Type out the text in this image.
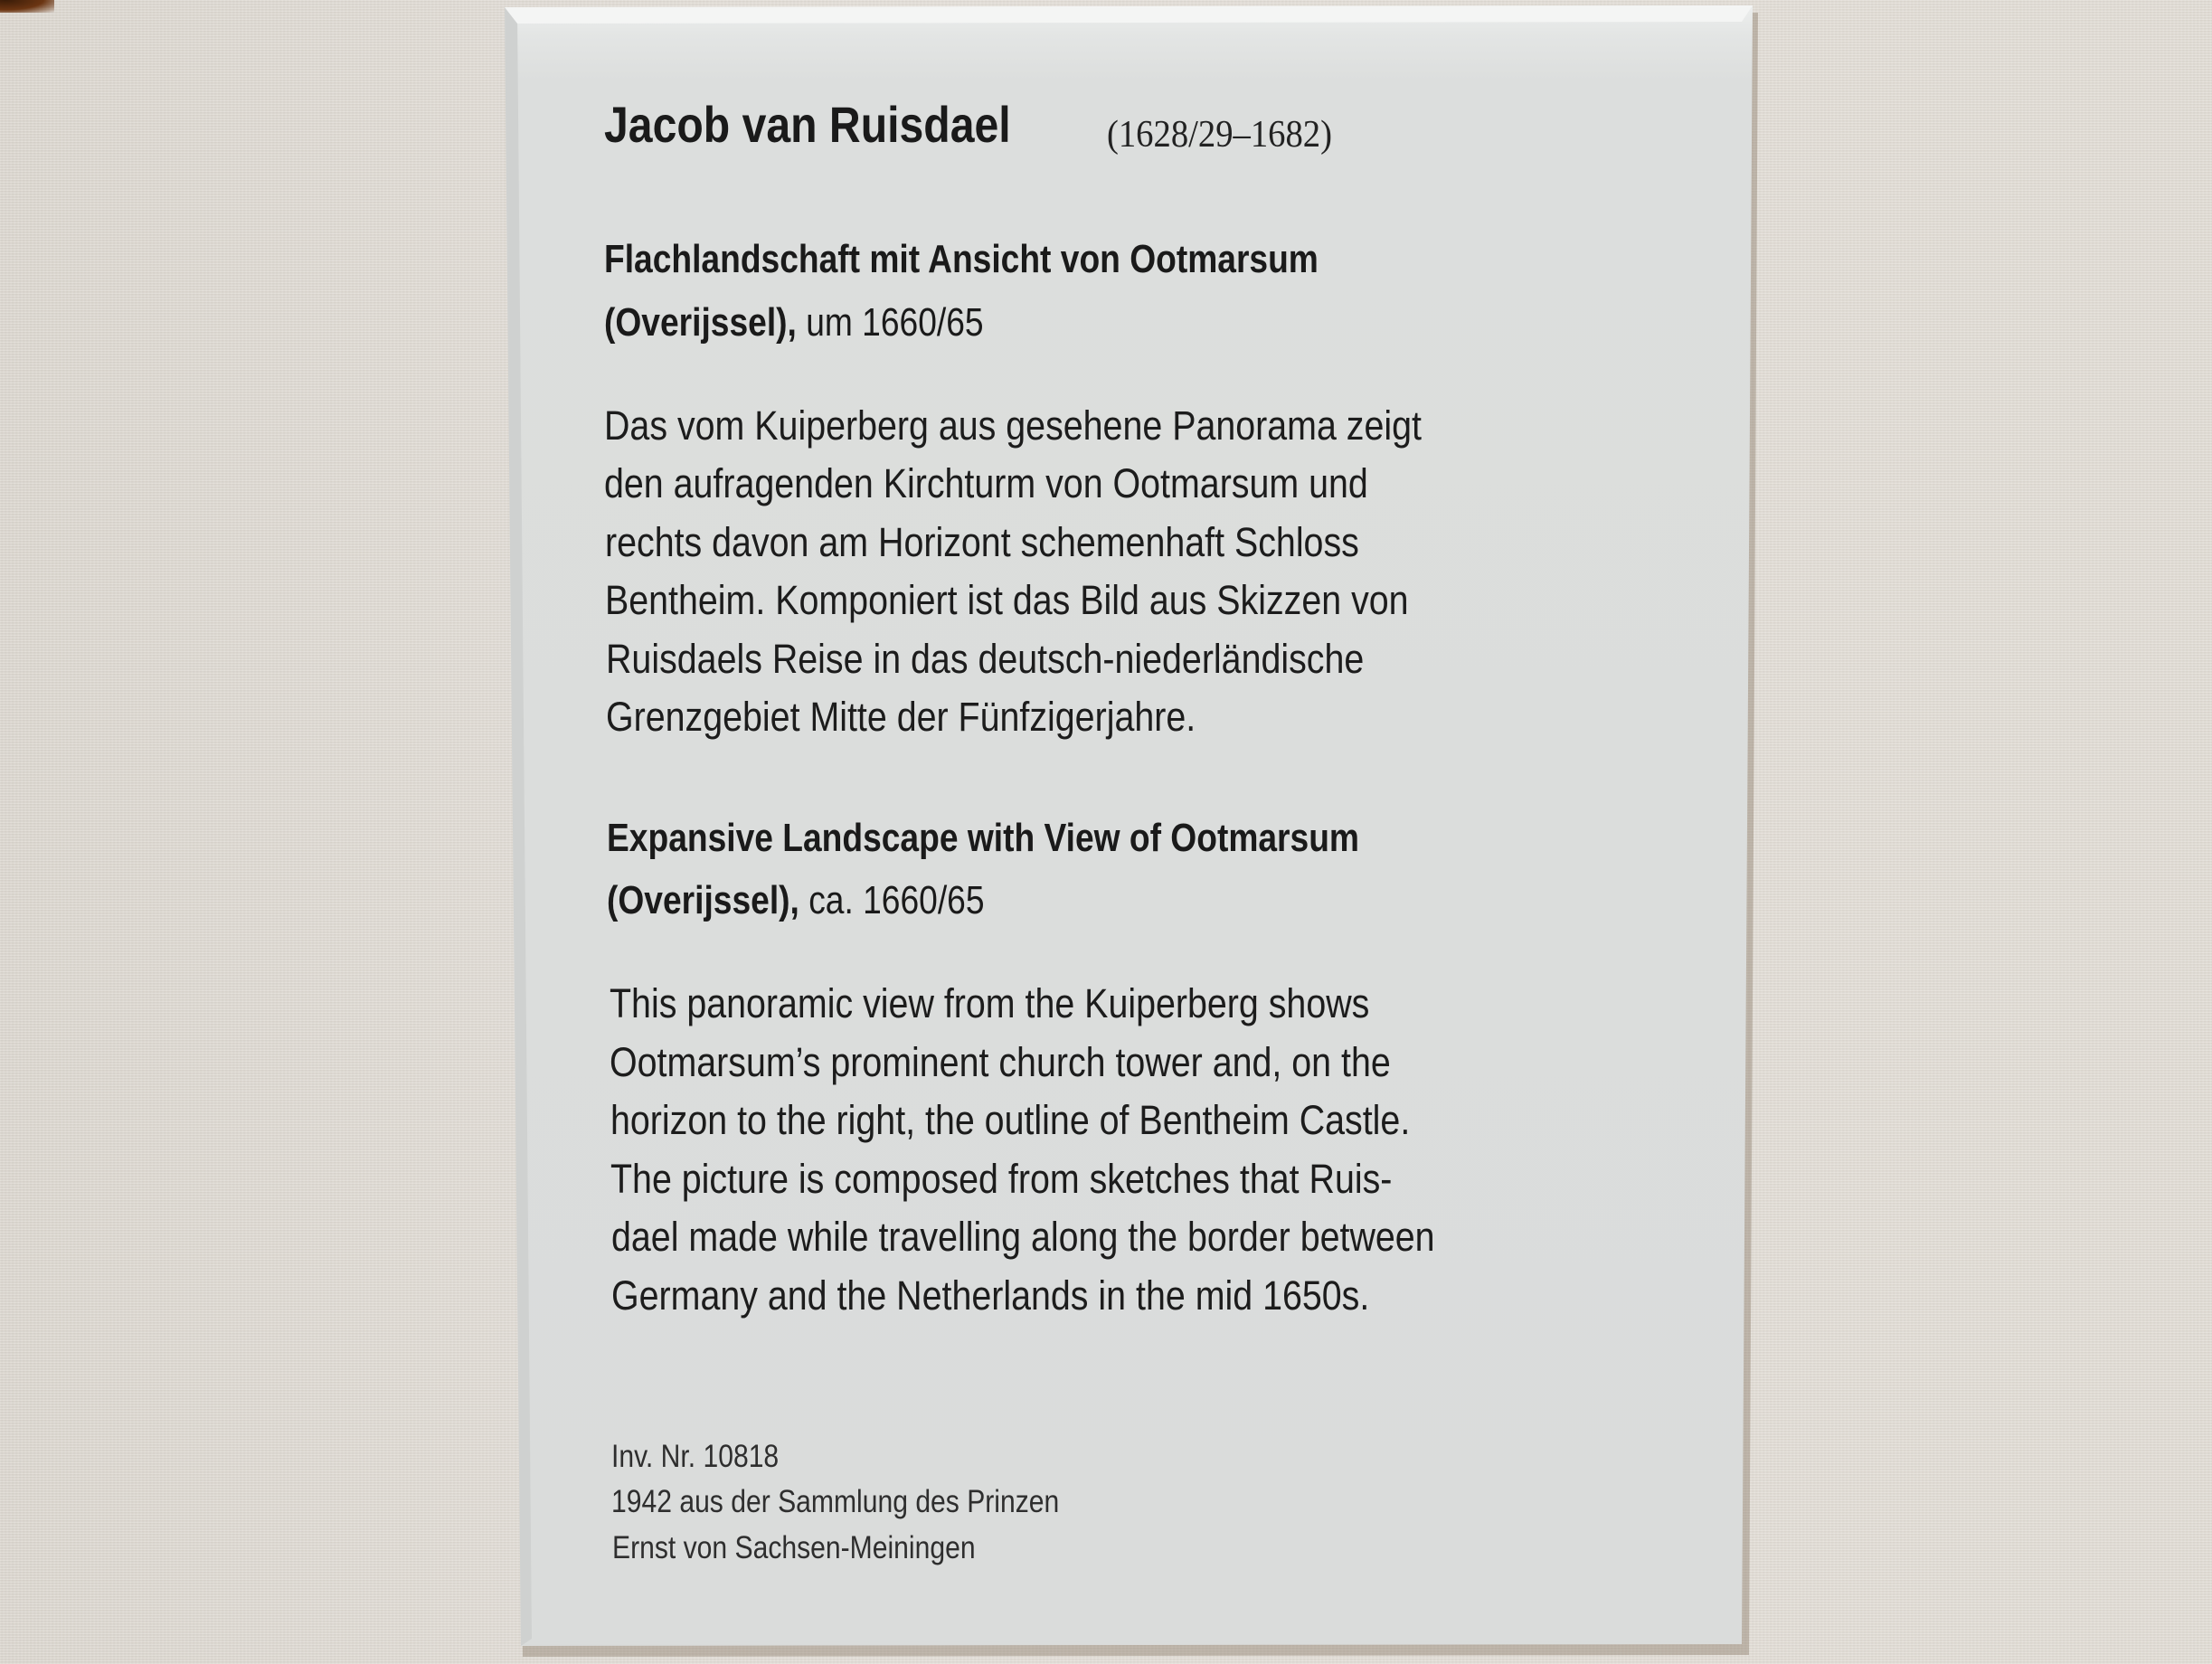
Jacob van Ruisdael	(1628/29–1682)
Flachlandschaft mit Ansicht von Ootmarsum
(Overijssel), um 1660/65
Das vom Kuiperberg aus gesehene Panorama zeigt
den aufragenden Kirchturm von Ootmarsum und
rechts davon am Horizont schemenhaft Schloss
Bentheim. Komponiert ist das Bild aus Skizzen von
Ruisdaels Reise in das deutsch-niederländische
Grenzgebiet Mitte der Fünfzigerjahre.
Expansive Landscape with View of Ootmarsum
(Overijssel), ca. 1660/65
This panoramic view from the Kuiperberg shows
Ootmarsum’s prominent church tower and, on the
horizon to the right, the outline of Bentheim Castle.
The picture is composed from sketches that Ruis-
dael made while travelling along the border between
Germany and the Netherlands in the mid 1650s.
Inv. Nr. 10818
1942 aus der Sammlung des Prinzen
Ernst von Sachsen-Meiningen
